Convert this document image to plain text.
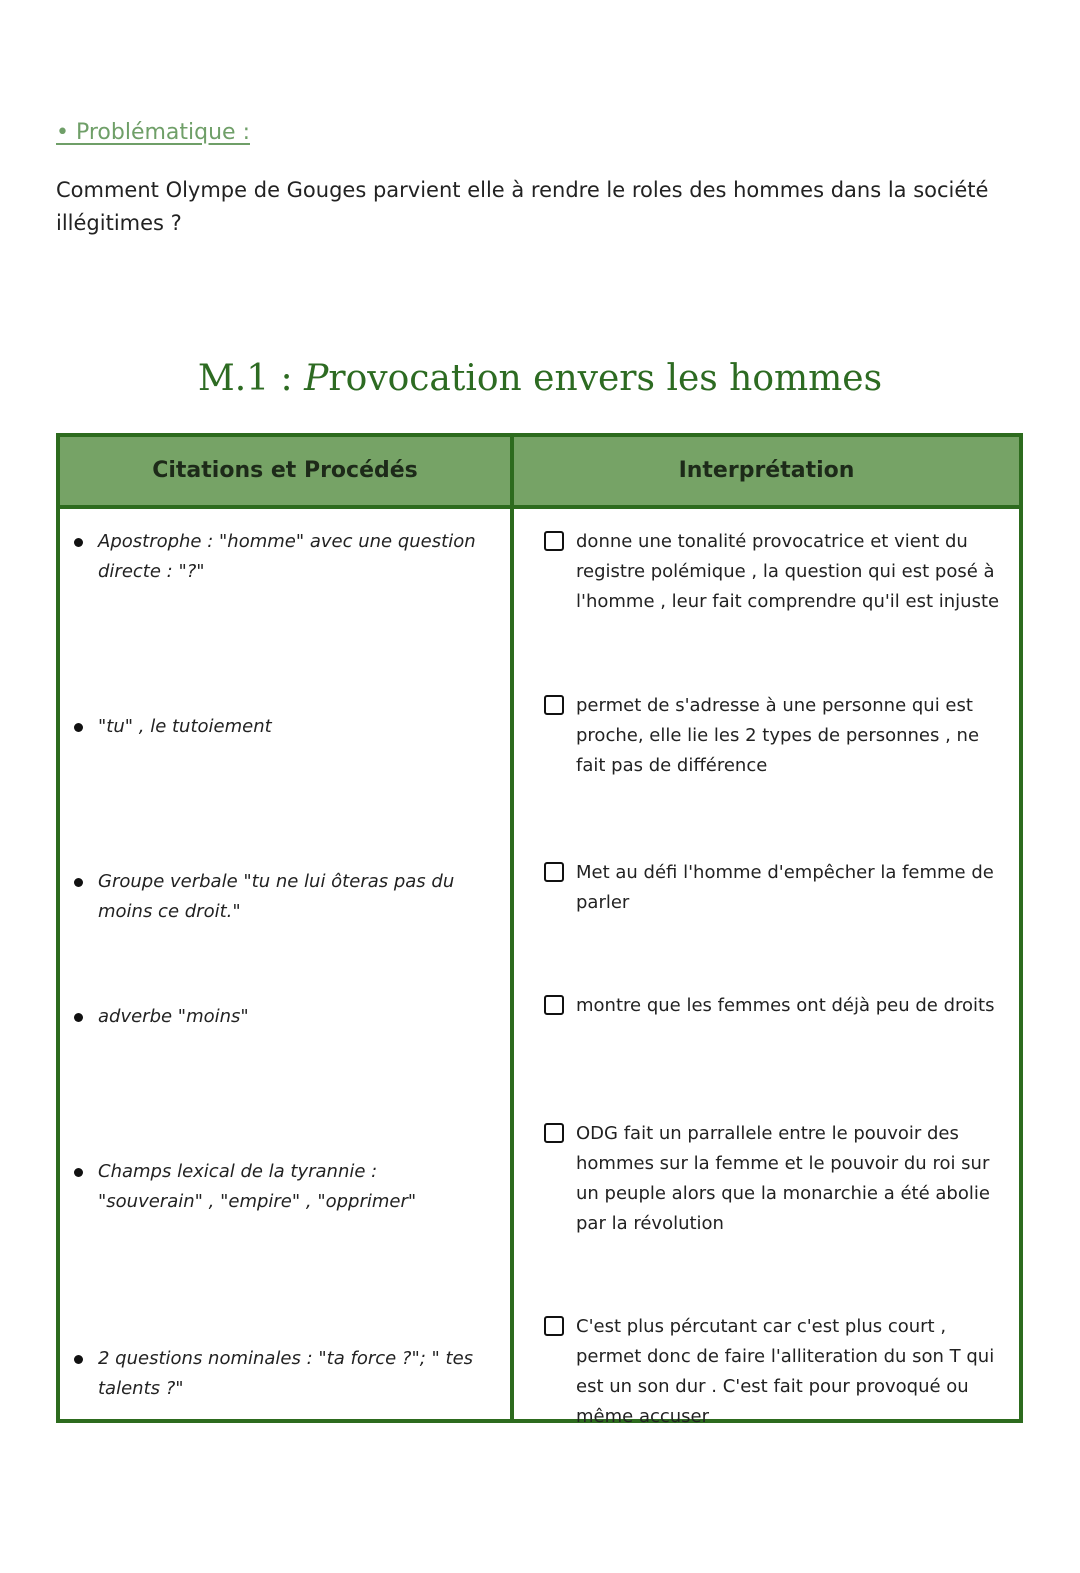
• Problématique :
Comment Olympe de Gouges parvient elle à rendre le roles des hommes dans la société illégitimes ?
M.1 : Provocation envers les hommes
Citations et Procédés	Interprétation
Apostrophe : "homme" avec une question directe : "?"
donne une tonalité provocatrice et vient du registre polémique , la question qui est posé à l'homme , leur fait comprendre qu'il est injuste
"tu" , le tutoiement
permet de s'adresse à une personne qui est proche, elle lie les 2 types de personnes , ne fait pas de différence
Groupe verbale "tu ne lui ôteras pas du moins ce droit."
Met au défi l'homme d'empêcher la femme de parler
adverbe "moins"
montre que les femmes ont déjà peu de droits
Champs lexical de la tyrannie : "souverain" , "empire" , "opprimer"
ODG fait un parrallele entre le pouvoir des hommes sur la femme et le pouvoir du roi sur un peuple alors que la monarchie a été abolie par la révolution
2 questions nominales : "ta force ?"; " tes talents ?"
C'est plus pércutant car c'est plus court , permet donc de faire l'alliteration du son T qui est un son dur . C'est fait pour provoqué ou même accuser
